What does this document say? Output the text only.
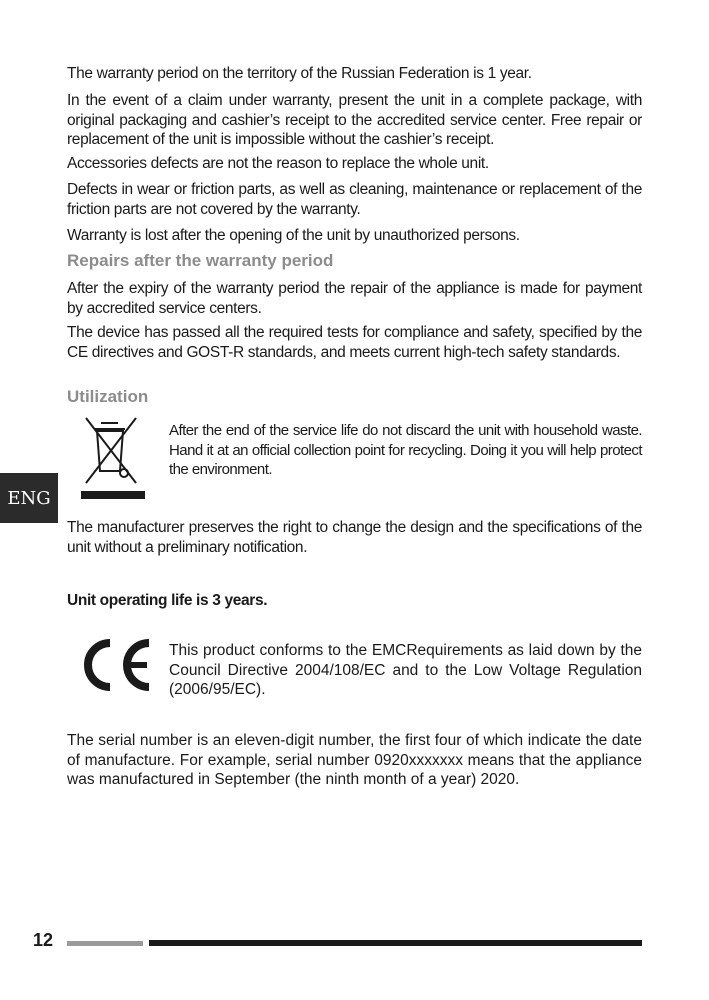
ENG

The warranty period on the territory of the Russian Federation is 1 year.

In the event of a claim under warranty, present the unit in a complete package, with original packaging and cashier’s receipt to the accredited service center. Free repair or replacement of the unit is impossible without the cashier’s receipt.

Accessories defects are not the reason to replace the whole unit.

Defects in wear or friction parts, as well as cleaning, maintenance or replacement of the friction parts are not covered by the warranty.

Warranty is lost after the opening of the unit by unauthorized persons.

Repairs after the warranty period

After the expiry of the warranty period the repair of the appliance is made for payment by accredited service centers.

The device has passed all the required tests for compliance and safety, specified by the CE directives and GOST-R standards, and meets current high-tech safety standards.

Utilization

After the end of the service life do not discard the unit with household waste. Hand it at an official collection point for recycling. Doing it you will help protect the environment.

The manufacturer preserves the right to change the design and the specifications of the unit without a preliminary notification.

Unit operating life is 3 years.

This product conforms to the EMCRequirements as laid down by the Council Directive 2004/108/EC and to the Low Voltage Regulation (2006/95/EC).

The serial number is an eleven-digit number, the first four of which indicate the date of manufacture. For example, serial number 0920xxxxxxx means that the appliance was manufactured in September (the ninth month of a year) 2020.

12
